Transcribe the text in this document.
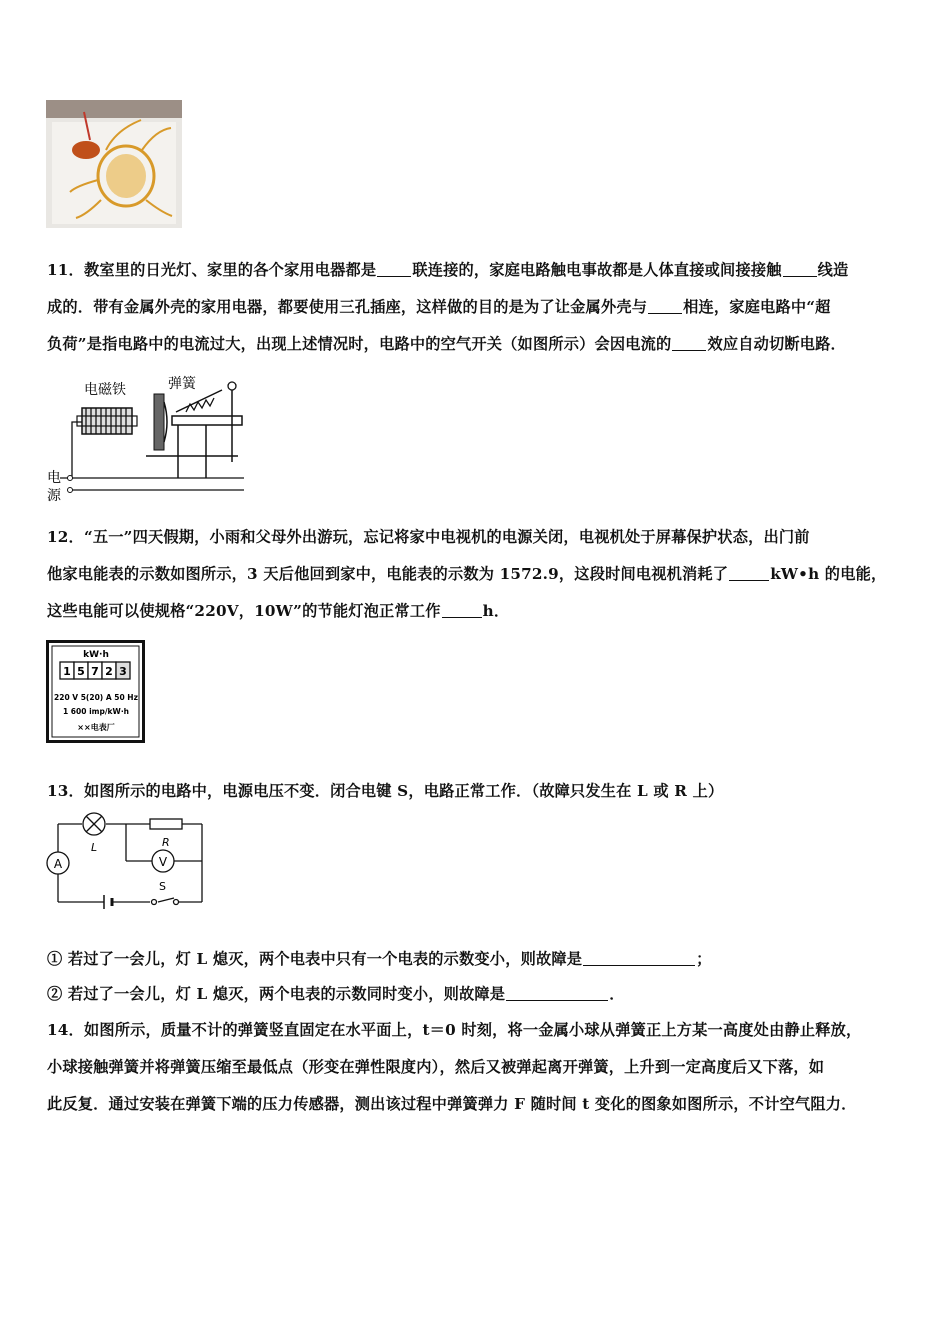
11．教室里的日光灯、家里的各个家用电器都是 联连接的，家庭电路触电事故都是人体直接或间接接触 线造
成的．带有金属外壳的家用电器，都要使用三孔插座，这样做的目的是为了让金属外壳与 相连，家庭电路中“超
负荷”是指电路中的电流过大，出现上述情况时，电路中的空气开关（如图所示）会因电流的 效应自动切断电路．
电磁铁	弹簧
电
源
12．“五一”四天假期，小雨和父母外出游玩，忘记将家中电视机的电源关闭，电视机处于屏幕保护状态，出门前
他家电能表的示数如图所示，3 天后他回到家中，电能表的示数为 1572.9，这段时间电视机消耗了	kW•h 的电能，
这些电能可以使规格“220V，10W”的节能灯泡正常工作	h．
kW·h
1 5 7 2 3
220 V 5(20) A 50 Hz
1 600 imp/kW·h
××电表厂
13．如图所示的电路中，电源电压不变．闭合电键 S，电路正常工作．（故障只发生在 L 或 R 上）
A	V
L	R
S
① 若过了一会儿，灯 L 熄灭，两个电表中只有一个电表的示数变小，则故障是	；
② 若过了一会儿，灯 L 熄灭，两个电表的示数同时变小，则故障是	．
14．如图所示，质量不计的弹簧竖直固定在水平面上，t＝0 时刻，将一金属小球从弹簧正上方某一高度处由静止释放，
小球接触弹簧并将弹簧压缩至最低点（形变在弹性限度内），然后又被弹起离开弹簧，上升到一定高度后又下落，如
此反复．通过安装在弹簧下端的压力传感器，测出该过程中弹簧弹力 F 随时间 t 变化的图象如图所示，不计空气阻力．
